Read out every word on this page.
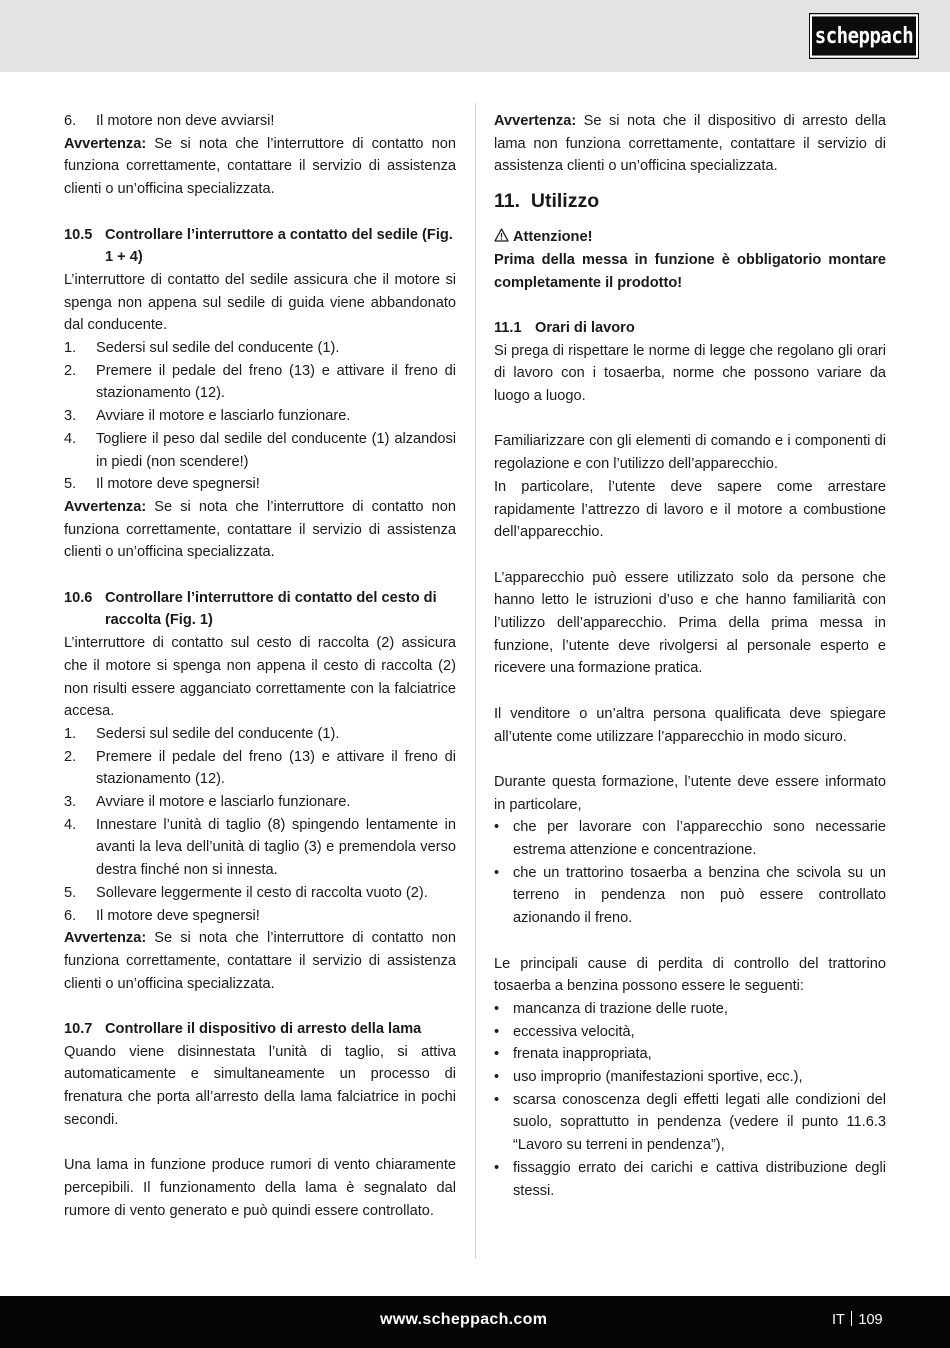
scheppach
6.	Il motore non deve avviarsi!

Avvertenza: Se si nota che l’interruttore di contatto non funziona correttamente, contattare il servizio di assistenza clienti o un’officina specializzata.

10.5 Controllare l’interruttore a contatto del sedile (Fig. 1 + 4)

L’interruttore di contatto del sedile assicura che il motore si spenga non appena sul sedile di guida viene abbandonato dal conducente.

1.	Sedersi sul sedile del conducente (1).
2.	Premere il pedale del freno (13) e attivare il freno di stazionamento (12).
3.	Avviare il motore e lasciarlo funzionare.
4.	Togliere il peso dal sedile del conducente (1) alzandosi in piedi (non scendere!)
5.	Il motore deve spegnersi!

Avvertenza: Se si nota che l’interruttore di contatto non funziona correttamente, contattare il servizio di assistenza clienti o un’officina specializzata.

10.6 Controllare l’interruttore di contatto del cesto di raccolta (Fig. 1)

L’interruttore di contatto sul cesto di raccolta (2) assicura che il motore si spenga non appena il cesto di raccolta (2) non risulti essere agganciato correttamente con la falciatrice accesa.

1.	Sedersi sul sedile del conducente (1).
2.	Premere il pedale del freno (13) e attivare il freno di stazionamento (12).
3.	Avviare il motore e lasciarlo funzionare.
4.	Innestare l’unità di taglio (8) spingendo lentamente in avanti la leva dell’unità di taglio (3) e premendola verso destra finché non si innesta.
5.	Sollevare leggermente il cesto di raccolta vuoto (2).
6.	Il motore deve spegnersi!

Avvertenza: Se si nota che l’interruttore di contatto non funziona correttamente, contattare il servizio di assistenza clienti o un’officina specializzata.

10.7 Controllare il dispositivo di arresto della lama

Quando viene disinnestata l’unità di taglio, si attiva automaticamente e simultaneamente un processo di frenatura che porta all’arresto della lama falciatrice in pochi secondi.

Una lama in funzione produce rumori di vento chiaramente percepibili. Il funzionamento della lama è segnalato dal rumore di vento generato e può quindi essere controllato.

Avvertenza: Se si nota che il dispositivo di arresto della lama non funziona correttamente, contattare il servizio di assistenza clienti o un’officina specializzata.

11. Utilizzo
Attenzione!

Prima della messa in funzione è obbligatorio montare completamente il prodotto!

11.1 Orari di lavoro

Si prega di rispettare le norme di legge che regolano gli orari di lavoro con i tosaerba, norme che possono variare da luogo a luogo.

Familiarizzare con gli elementi di comando e i componenti di regolazione e con l’utilizzo dell’apparecchio.

In particolare, l’utente deve sapere come arrestare rapidamente l’attrezzo di lavoro e il motore a combustione dell’apparecchio.

L’apparecchio può essere utilizzato solo da persone che hanno letto le istruzioni d’uso e che hanno familiarità con l’utilizzo dell’apparecchio. Prima della prima messa in funzione, l’utente deve rivolgersi al personale esperto e ricevere una formazione pratica.

Il venditore o un’altra persona qualificata deve spiegare all’utente come utilizzare l’apparecchio in modo sicuro.

Durante questa formazione, l’utente deve essere informato in particolare,

• che per lavorare con l’apparecchio sono necessarie estrema attenzione e concentrazione.
• che un trattorino tosaerba a benzina che scivola su un terreno in pendenza non può essere controllato azionando il freno.

Le principali cause di perdita di controllo del trattorino tosaerba a benzina possono essere le seguenti:

• mancanza di trazione delle ruote,
• eccessiva velocità,
• frenata inappropriata,
• uso improprio (manifestazioni sportive, ecc.),
• scarsa conoscenza degli effetti legati alle condizioni del suolo, soprattutto in pendenza (vedere il punto 11.6.3 “Lavoro su terreni in pendenza”),
• fissaggio errato dei carichi e cattiva distribuzione degli stessi.
www.scheppach.com	IT 109
